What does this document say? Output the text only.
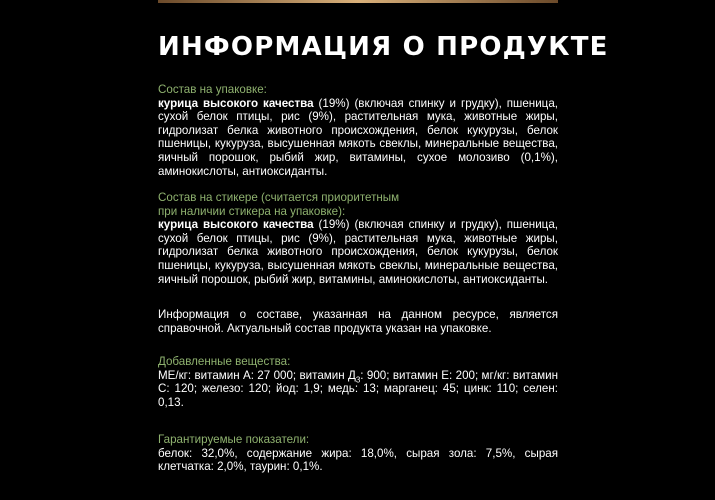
ИНФОРМАЦИЯ О ПРОДУКТЕ
Состав на упаковке:
курица высокого качества (19%) (включая спинку и грудку), пшеница, сухой белок птицы, рис (9%), растительная мука, животные жиры, гидролизат белка животного происхождения, белок кукурузы, белок пшеницы, кукуруза, высушенная мякоть свеклы, минеральные вещества, яичный порошок, рыбий жир, витамины, сухое молозиво (0,1%), аминокислоты, антиоксиданты.
Состав на стикере (считается приоритетным
при наличии стикера на упаковке):
курица высокого качества (19%) (включая спинку и грудку), пшеница, сухой белок птицы, рис (9%), растительная мука, животные жиры, гидролизат белка животного происхождения, белок кукурузы, белок пшеницы, кукуруза, высушенная мякоть свеклы, минеральные вещества, яичный порошок, рыбий жир, витамины, аминокислоты, антиоксиданты.
Информация о составе, указанная на данном ресурсе, является справочной. Актуальный состав продукта указан на упаковке.
Добавленные вещества:
МЕ/кг: витамин А: 27 000; витамин $Д_3$: 900; витамин Е: 200; мг/кг: витамин С: 120; железо: 120; йод: 1,9; медь: 13; марганец: 45; цинк: 110; селен: 0,13.
Гарантируемые показатели:
белок: 32,0%, содержание жира: 18,0%, сырая зола: 7,5%, сырая клетчатка: 2,0%, таурин: 0,1%.
